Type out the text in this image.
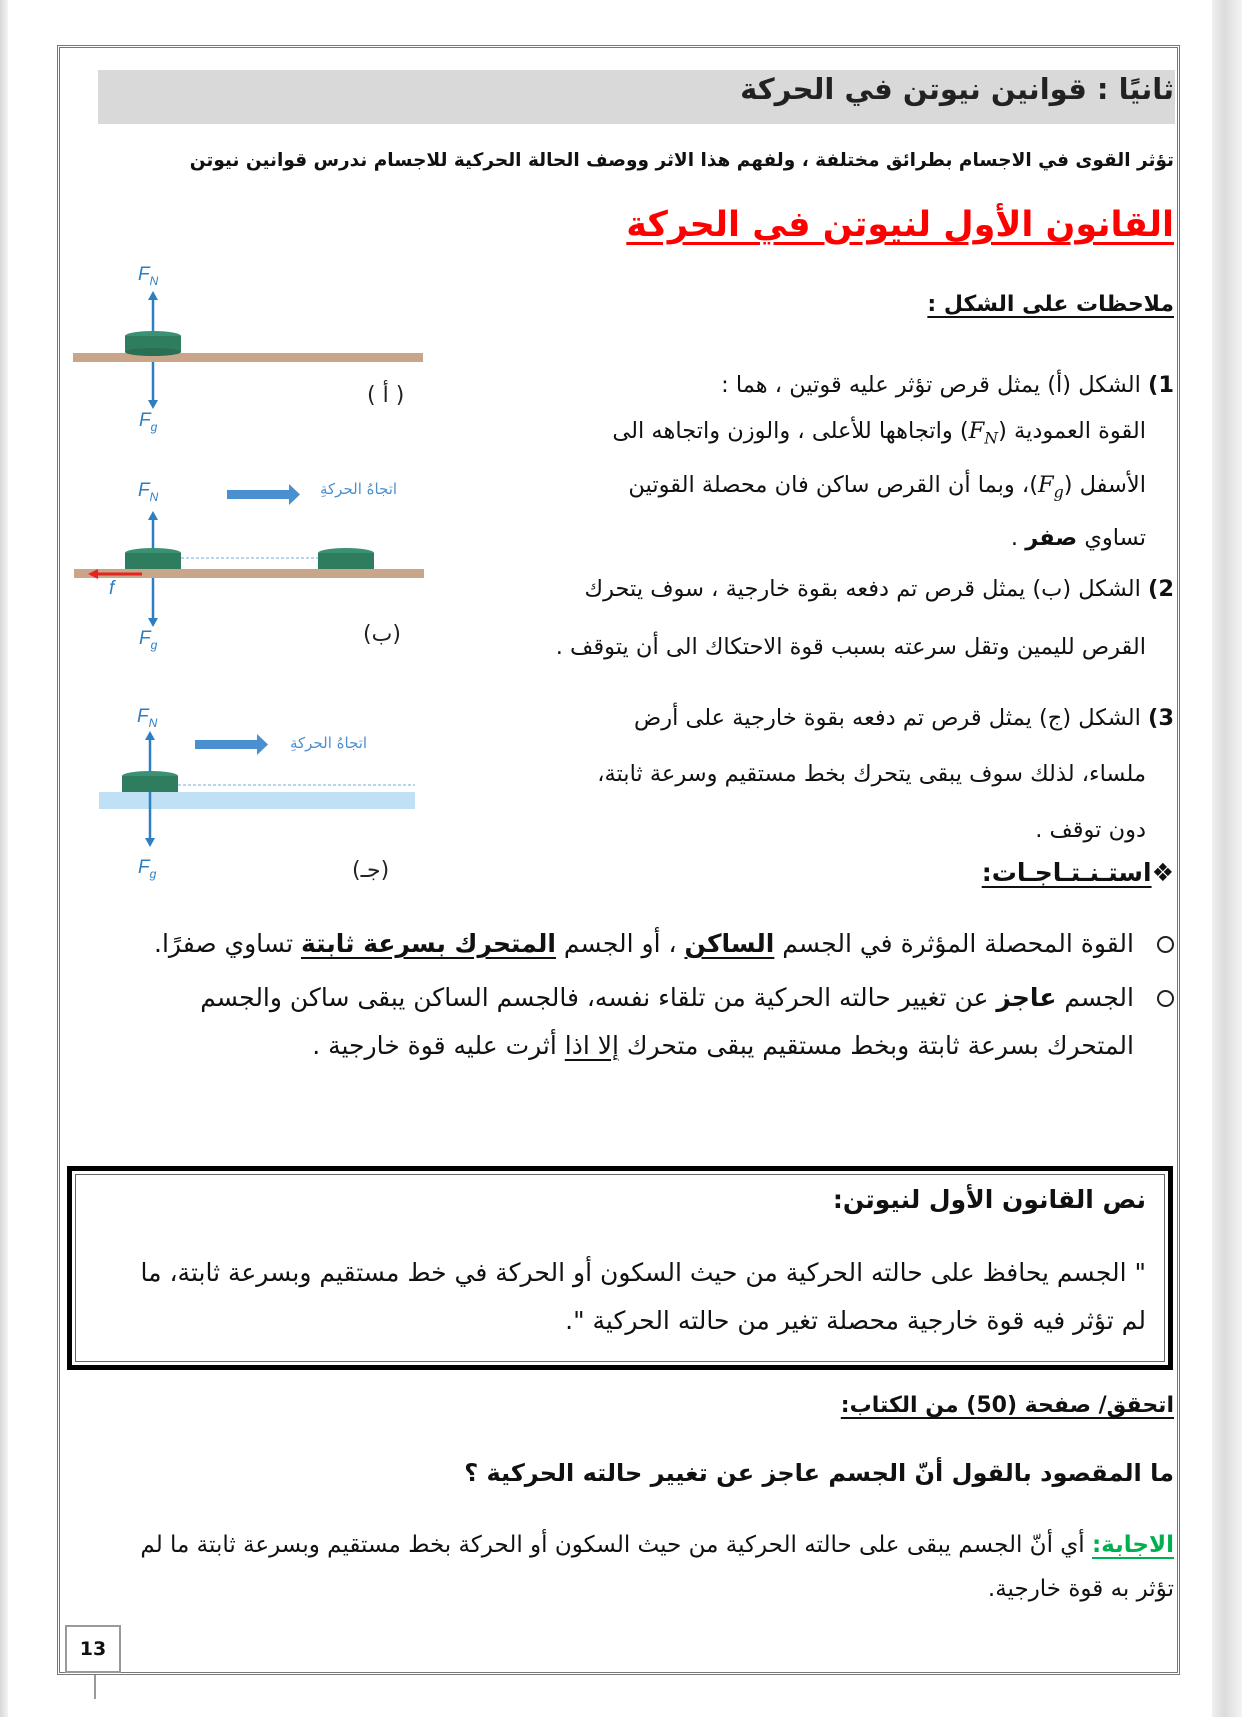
ثانيًا : قوانين نيوتن في الحركة
تؤثر القوى في الاجسام بطرائق مختلفة ، ولفهم هذا الاثر ووصف الحالة الحركية للاجسام ندرس قوانين نيوتن
القانون الأول لنيوتن في الحركة
ملاحظات على الشكل :
1) الشكل (أ) يمثل قرص تؤثر عليه قوتين ، هما :
القوة العمودية $(F_N)$ واتجاهها للأعلى ، والوزن واتجاهه الى
الأسفل $(F_g)،$ وبما أن القرص ساكن فان محصلة القوتين
تساوي صفر .
2) الشكل (ب) يمثل قرص تم دفعه بقوة خارجية ، سوف يتحرك
القرص لليمين وتقل سرعته بسبب قوة الاحتكاك الى أن يتوقف .
3) الشكل (ج) يمثل قرص تم دفعه بقوة خارجية على أرض
ملساء، لذلك سوف يبقى يتحرك بخط مستقيم وسرعة ثابتة،
دون توقف .
$F_N$
$F_g$
( أ )
$F_N$
f
$F_g$
اتجاهُ الحركةِ
(ب)
$F_N$
$F_g$
اتجاهُ الحركةِ
(جـ)	❖استـنـتـاجـات:
القوة المحصلة المؤثرة في الجسم الساكن ، أو الجسم المتحرك بسرعة ثابتة تساوي صفرًا.
الجسم عاجز عن تغيير حالته الحركية من تلقاء نفسه، فالجسم الساكن يبقى ساكن والجسم المتحرك بسرعة ثابتة وبخط مستقيم يبقى متحرك إلا اذا أثرت عليه قوة خارجية .
نص القانون الأول لنيوتن:
" الجسم يحافظ على حالته الحركية من حيث السكون أو الحركة في خط مستقيم وبسرعة ثابتة، ما لم تؤثر فيه قوة خارجية محصلة تغير من حالته الحركية ".
اتحقق/ صفحة (50) من الكتاب:
ما المقصود بالقول أنّ الجسم عاجز عن تغيير حالته الحركية ؟
الاجابة: أي أنّ الجسم يبقى على حالته الحركية من حيث السكون أو الحركة بخط مستقيم وبسرعة ثابتة ما لم تؤثر به قوة خارجية.
13
